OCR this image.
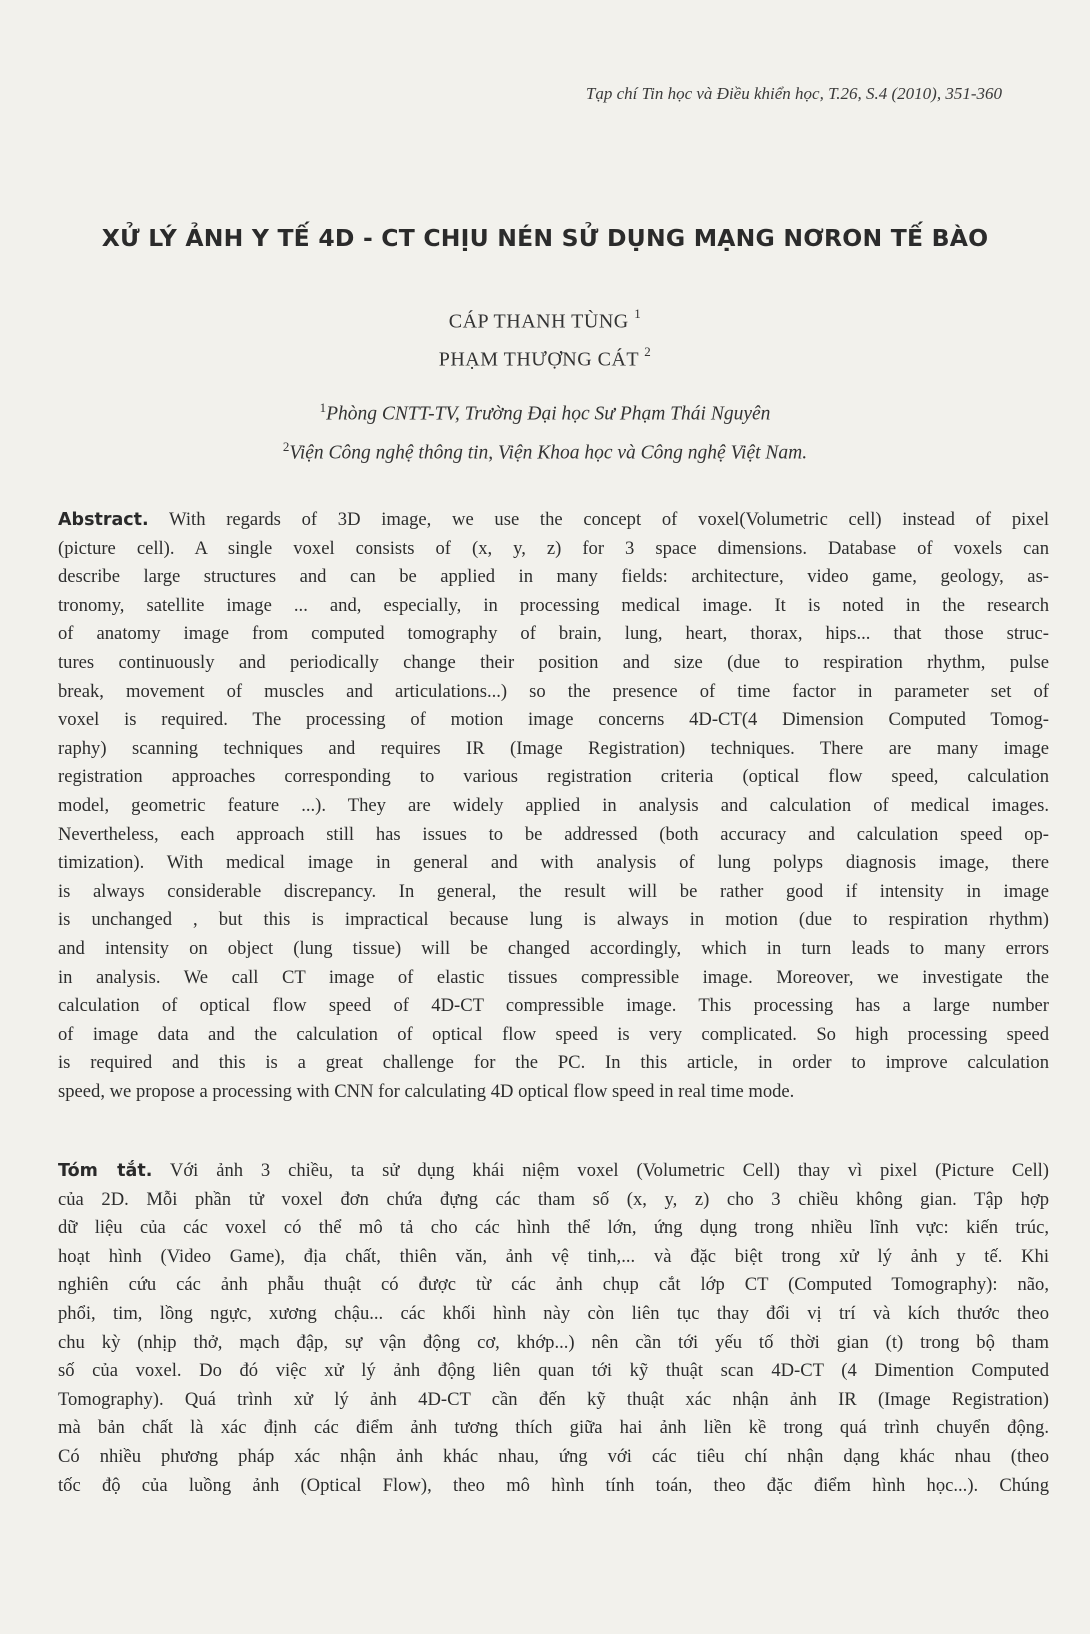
Tạp chí Tin học và Điều khiển học, T.26, S.4 (2010), 351-360
XỬ LÝ ẢNH Y TẾ 4D - CT CHỊU NÉN SỬ DỤNG MẠNG NƠRON TẾ BÀO
CÁP THANH TÙNG $^1$
PHẠM THƯỢNG CÁT $^2$
$^1$Phòng CNTT-TV, Trường Đại học Sư Phạm Thái Nguyên
$^2$Viện Công nghệ thông tin, Viện Khoa học và Công nghệ Việt Nam.
Abstract. With regards of 3D image, we use the concept of voxel(Volumetric cell) instead of pixel
(picture cell). A single voxel consists of (x, y, z) for 3 space dimensions. Database of voxels can
describe large structures and can be applied in many fields: architecture, video game, geology, as-
tronomy, satellite image ... and, especially, in processing medical image. It is noted in the research
of anatomy image from computed tomography of brain, lung, heart, thorax, hips... that those struc-
tures continuously and periodically change their position and size (due to respiration rhythm, pulse
break, movement of muscles and articulations...) so the presence of time factor in parameter set of
voxel is required. The processing of motion image concerns 4D-CT(4 Dimension Computed Tomog-
raphy) scanning techniques and requires IR (Image Registration) techniques. There are many image
registration approaches corresponding to various registration criteria (optical flow speed, calculation
model, geometric feature ...). They are widely applied in analysis and calculation of medical images.
Nevertheless, each approach still has issues to be addressed (both accuracy and calculation speed op-
timization). With medical image in general and with analysis of lung polyps diagnosis image, there
is always considerable discrepancy. In general, the result will be rather good if intensity in image
is unchanged , but this is impractical because lung is always in motion (due to respiration rhythm)
and intensity on object (lung tissue) will be changed accordingly, which in turn leads to many errors
in analysis. We call CT image of elastic tissues compressible image. Moreover, we investigate the
calculation of optical flow speed of 4D-CT compressible image. This processing has a large number
of image data and the calculation of optical flow speed is very complicated. So high processing speed
is required and this is a great challenge for the PC. In this article, in order to improve calculation
speed, we propose a processing with CNN for calculating 4D optical flow speed in real time mode.
Tóm tắt. Với ảnh 3 chiều, ta sử dụng khái niệm voxel (Volumetric Cell) thay vì pixel (Picture Cell)
của 2D. Mỗi phần tử voxel đơn chứa đựng các tham số (x, y, z) cho 3 chiều không gian. Tập hợp
dữ liệu của các voxel có thể mô tả cho các hình thể lớn, ứng dụng trong nhiều lĩnh vực: kiến trúc,
hoạt hình (Video Game), địa chất, thiên văn, ảnh vệ tinh,... và đặc biệt trong xử lý ảnh y tế. Khi
nghiên cứu các ảnh phẫu thuật có được từ các ảnh chụp cắt lớp CT (Computed Tomography): não,
phổi, tim, lồng ngực, xương chậu... các khối hình này còn liên tục thay đổi vị trí và kích thước theo
chu kỳ (nhịp thở, mạch đập, sự vận động cơ, khớp...) nên cần tới yếu tố thời gian (t) trong bộ tham
số của voxel. Do đó việc xử lý ảnh động liên quan tới kỹ thuật scan 4D-CT (4 Dimention Computed
Tomography). Quá trình xử lý ảnh 4D-CT cần đến kỹ thuật xác nhận ảnh IR (Image Registration)
mà bản chất là xác định các điểm ảnh tương thích giữa hai ảnh liền kề trong quá trình chuyển động.
Có nhiều phương pháp xác nhận ảnh khác nhau, ứng với các tiêu chí nhận dạng khác nhau (theo
tốc độ của luồng ảnh (Optical Flow), theo mô hình tính toán, theo đặc điểm hình học...). Chúng
